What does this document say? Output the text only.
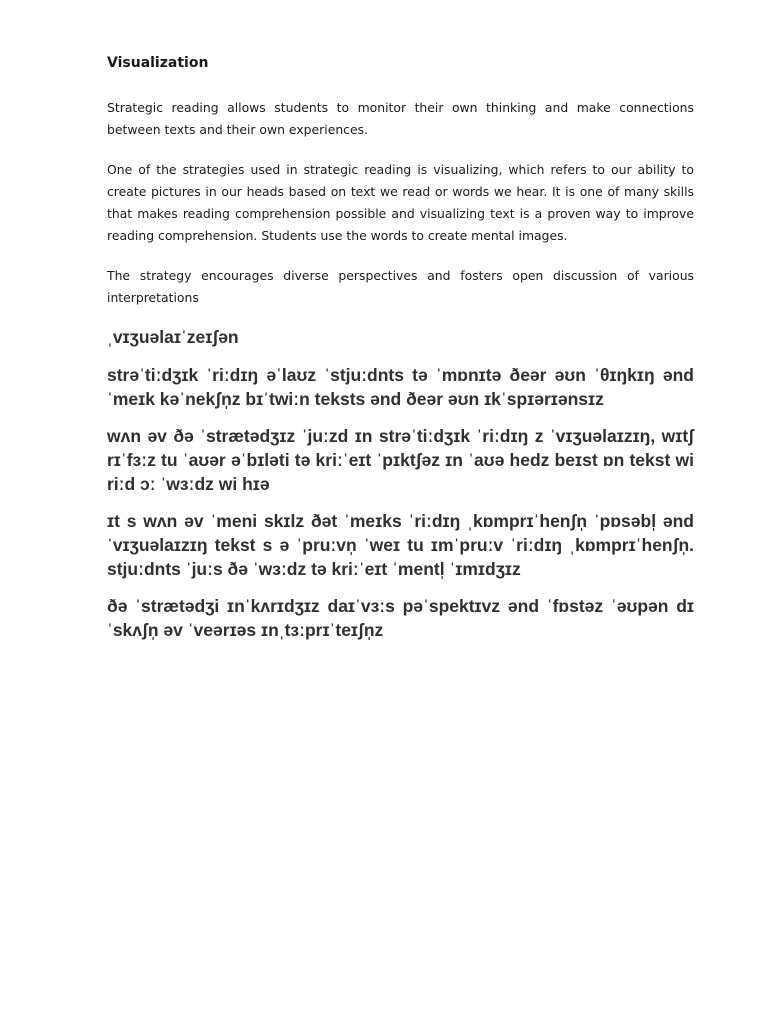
Visualization

Strategic reading allows students to monitor their own thinking and make connections between texts and their own experiences.

One of the strategies used in strategic reading is visualizing, which refers to our ability to create pictures in our heads based on text we read or words we hear. It is one of many skills that makes reading comprehension possible and visualizing text is a proven way to improve reading comprehension. Students use the words to create mental images.

The strategy encourages diverse perspectives and fosters open discussion of various interpretations

ˌvɪʒuəlaɪˈzeɪʃən

strəˈtiːdʒɪk ˈriːdɪŋ əˈlaʊz ˈstjuːdnts tə ˈmɒnɪtə ðeər əʊn ˈθɪŋkɪŋ ənd ˈmeɪk kəˈnekʃn̩z bɪˈtwiːn teksts ənd ðeər əʊn ɪkˈspɪərɪənsɪz

wʌn əv ðə ˈstrætədʒɪz ˈjuːzd ɪn strəˈtiːdʒɪk ˈriːdɪŋ z ˈvɪʒuəlaɪzɪŋ, wɪtʃ rɪˈfɜːz tu ˈaʊər əˈbɪləti tə kriːˈeɪt ˈpɪktʃəz ɪn ˈaʊə hedz beɪst ɒn tekst wi riːd ɔː ˈwɜːdz wi hɪə

ɪt s wʌn əv ˈmeni skɪlz ðət ˈmeɪks ˈriːdɪŋ ˌkɒmprɪˈhenʃn̩ ˈpɒsəbl̩ ənd ˈvɪʒuəlaɪzɪŋ tekst s ə ˈpruːvn̩ ˈweɪ tu ɪmˈpruːv ˈriːdɪŋ ˌkɒmprɪˈhenʃn̩. stjuːdnts ˈjuːs ðə ˈwɜːdz tə kriːˈeɪt ˈmentl̩ ˈɪmɪdʒɪz

ðə ˈstrætədʒi ɪnˈkʌrɪdʒɪz daɪˈvɜːs pəˈspektɪvz ənd ˈfɒstəz ˈəʊpən dɪˈskʌʃn̩ əv ˈveərɪəs ɪnˌtɜːprɪˈteɪʃn̩z
